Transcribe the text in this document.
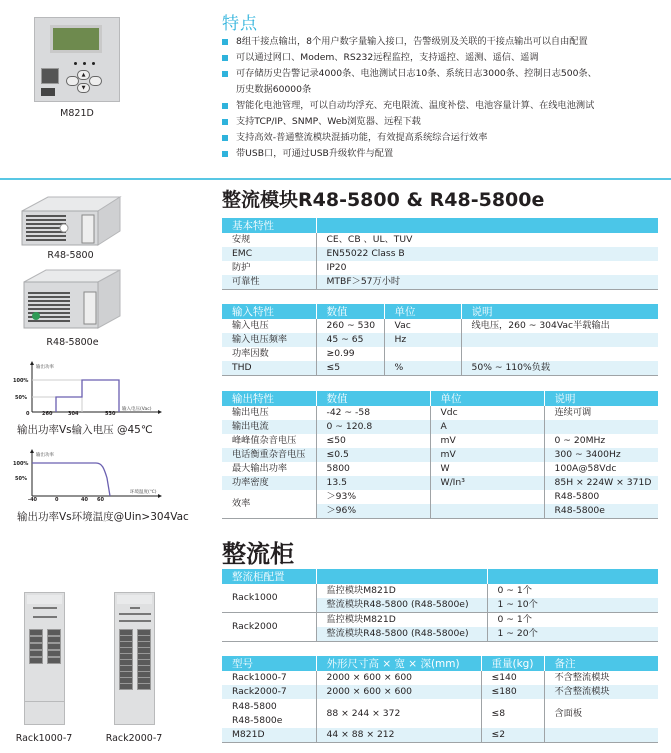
▲
▼
M821D
特点
8组干接点输出，8个用户数字量输入接口，告警级别及关联的干接点输出可以自由配置
可以通过网口、Modem、RS232远程监控，支持遥控、遥测、遥信、遥调
可存储历史告警记录4000条、电池测试日志10条、系统日志3000条、控制日志500条、
历史数据60000条
智能化电池管理，可以自动均浮充、充电限流、温度补偿、电池容量计算、在线电池测试
支持TCP/IP、SNMP、Web浏览器、远程下载
支持高效-普通整流模块混插功能，有效提高系统综合运行效率
带USB口，可通过USB升级软件与配置
R48-5800
R48-5800e
输出功率
100%
50%
输入电压(Vac)
0	260	304	530
输出功率Vs输入电压 @45℃
输出功率
100%
50%
环境温度(℃)
-40	0	40 60
输出功率Vs环境温度@Uin>304Vac
整流模块R48-5800 & R48-5800e
基本特性	
安规	CE、CB 、UL、TUV
EMC	EN55022 Class B
防护	IP20
可靠性	MTBF＞57万小时
输入特性	数值	单位	说明
输入电压	260 ~ 530	Vac	线电压，260 ~ 304Vac半载输出
输入电压频率	45 ~ 65	Hz	
功率因数	≥0.99		
THD	≤5	%	50% ~ 110%负载
输出特性	数值	单位	说明
输出电压	-42 ~ -58	Vdc	连续可调
输出电流	0 ~ 120.8	A	
峰峰值杂音电压	≤50	mV	0 ~ 20MHz
电话衡重杂音电压	≤0.5	mV	300 ~ 3400Hz
最大输出功率	5800	W	100A@58Vdc
功率密度	13.5	W/In³	85H × 224W × 371D
效率	＞93%		R48-5800
	＞96%		R48-5800e
整流柜
整流柜配置		
Rack1000	监控模块M821D	0 ~ 1个
	整流模块R48-5800 (R48-5800e)	1 ~ 10个
Rack2000	监控模块M821D	0 ~ 1个
	整流模块R48-5800 (R48-5800e)	1 ~ 20个
型号	外形尺寸高 × 宽 × 深(mm)	重量(kg)	备注
Rack1000-7	2000 × 600 × 600	≤140	不含整流模块
Rack2000-7	2000 × 600 × 600	≤180	不含整流模块
R48-5800
R48-5800e	88 × 244 × 372	≤8	含面板
M821D	44 × 88 × 212	≤2	
Rack1000-7	Rack2000-7
